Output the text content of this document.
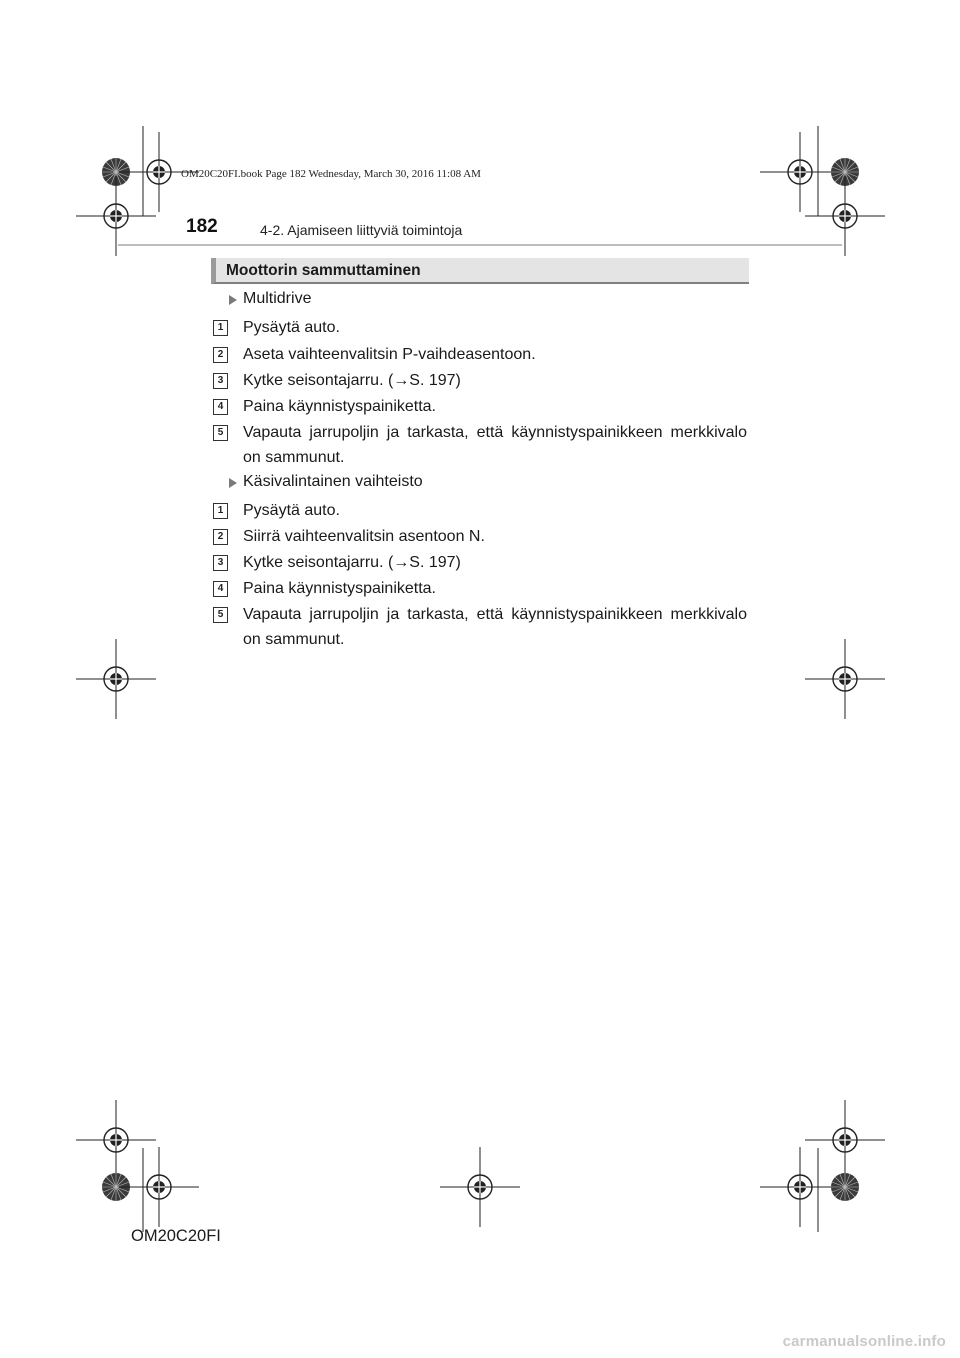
OM20C20FI.book Page 182 Wednesday, March 30, 2016 11:08 AM
182	4-2. Ajamiseen liittyviä toimintoja
Moottorin sammuttaminen
Multidrive
1 Pysäytä auto.
2 Aseta vaihteenvalitsin P-vaihdeasentoon.
3 Kytke seisontajarru. (→S. 197)
4 Paina käynnistyspainiketta.
5 Vapauta jarrupoljin ja tarkasta, että käynnistyspainikkeen merkkivalo on sammunut.
Käsivalintainen vaihteisto
1 Pysäytä auto.
2 Siirrä vaihteenvalitsin asentoon N.
3 Kytke seisontajarru. (→S. 197)
4 Paina käynnistyspainiketta.
5 Vapauta jarrupoljin ja tarkasta, että käynnistyspainikkeen merkkivalo on sammunut.
OM20C20FI
carmanualsonline.info
